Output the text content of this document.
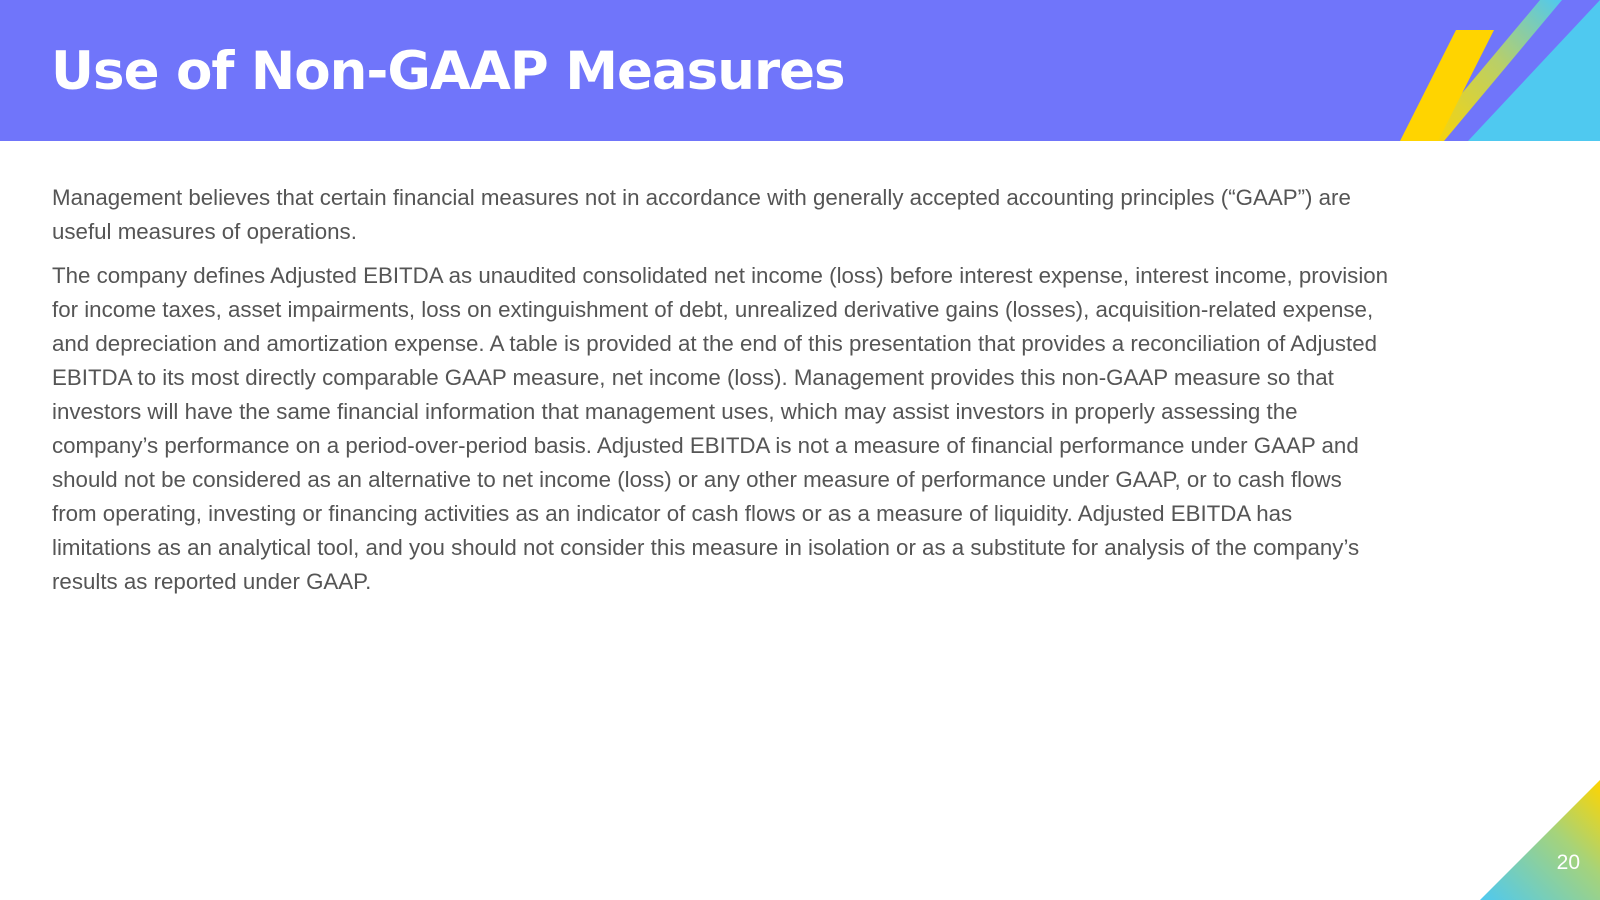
Use of Non-GAAP Measures

Management believes that certain financial measures not in accordance with generally accepted accounting principles (“GAAP”) are useful measures of operations.

The company defines Adjusted EBITDA as unaudited consolidated net income (loss) before interest expense, interest income, provision for income taxes, asset impairments, loss on extinguishment of debt, unrealized derivative gains (losses), acquisition-related expense, and depreciation and amortization expense. A table is provided at the end of this presentation that provides a reconciliation of Adjusted EBITDA to its most directly comparable GAAP measure, net income (loss). Management provides this non-GAAP measure so that investors will have the same financial information that management uses, which may assist investors in properly assessing the company’s performance on a period-over-period basis. Adjusted EBITDA is not a measure of financial performance under GAAP and should not be considered as an alternative to net income (loss) or any other measure of performance under GAAP, or to cash flows from operating, investing or financing activities as an indicator of cash flows or as a measure of liquidity. Adjusted EBITDA has limitations as an analytical tool, and you should not consider this measure in isolation or as a substitute for analysis of the company’s results as reported under GAAP.

20
